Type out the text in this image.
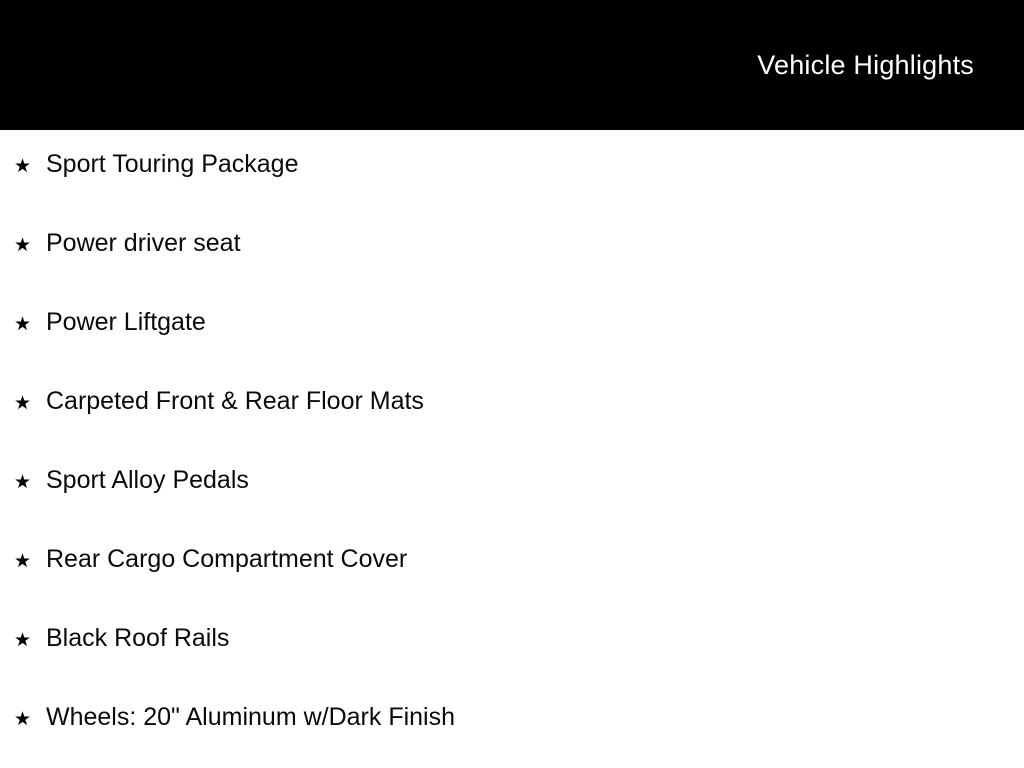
Vehicle Highlights
★ Sport Touring Package
★ Power driver seat
★ Power Liftgate
★ Carpeted Front & Rear Floor Mats
★ Sport Alloy Pedals
★ Rear Cargo Compartment Cover
★ Black Roof Rails
★ Wheels: 20" Aluminum w/Dark Finish
